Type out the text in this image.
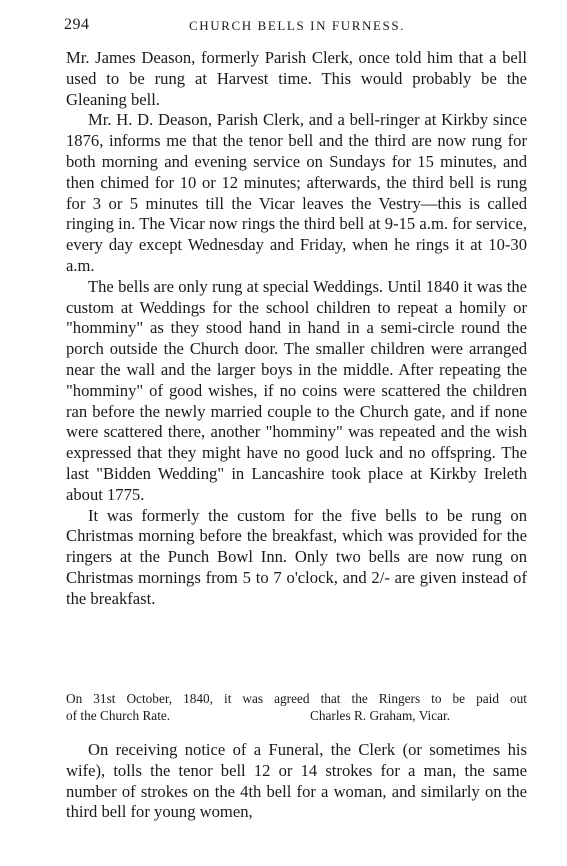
294	CHURCH BELLS IN FURNESS.

Mr. James Deason, formerly Parish Clerk, once told him that a bell used to be rung at Harvest time. This would probably be the Gleaning bell.

Mr. H. D. Deason, Parish Clerk, and a bell-ringer at Kirkby since 1876, informs me that the tenor bell and the third are now rung for both morning and evening service on Sundays for 15 minutes, and then chimed for 10 or 12 minutes; afterwards, the third bell is rung for 3 or 5 minutes till the Vicar leaves the Vestry—this is called ringing in. The Vicar now rings the third bell at 9-15 a.m. for service, every day except Wednesday and Friday, when he rings it at 10-30 a.m.

The bells are only rung at special Weddings. Until 1840 it was the custom at Weddings for the school children to repeat a homily or "homminy" as they stood hand in hand in a semi-circle round the porch outside the Church door. The smaller children were arranged near the wall and the larger boys in the middle. After repeating the "homminy" of good wishes, if no coins were scattered the children ran before the newly married couple to the Church gate, and if none were scattered there, another "homminy" was repeated and the wish expressed that they might have no good luck and no offspring. The last "Bidden Wedding" in Lancashire took place at Kirkby Ireleth about 1775.

It was formerly the custom for the five bells to be rung on Christmas morning before the breakfast, which was provided for the ringers at the Punch Bowl Inn. Only two bells are now rung on Christmas mornings from 5 to 7 o'clock, and 2/- are given instead of the breakfast.

On 31st October, 1840, it was agreed that the Ringers to be paid out
of the Church Rate.	Charles R. Graham, Vicar.

On receiving notice of a Funeral, the Clerk (or sometimes his wife), tolls the tenor bell 12 or 14 strokes for a man, the same number of strokes on the 4th bell for a woman, and similarly on the third bell for young women,
